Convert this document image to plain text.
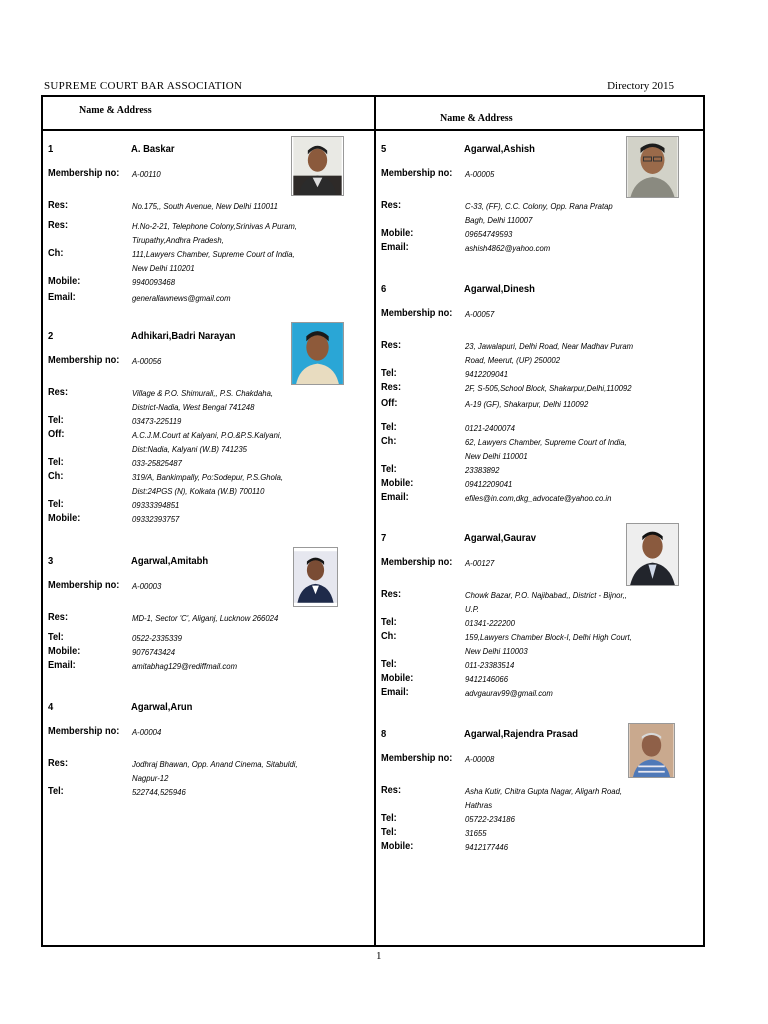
SUPREME COURT BAR ASSOCIATION	Directory 2015
Name & Address
Name & Address
1	A. Baskar
Membership no: A-00110
Res:	No.175,, South Avenue, New Delhi 110011
Res:	H.No-2-21, Telephone Colony,Srinivas A Puram,
Tirupathy,Andhra Pradesh,
Ch:	111,Lawyers Chamber, Supreme Court of India,
New Delhi 110201
Mobile:	9940093468
Email:	generallawnews@gmail.com
2	Adhikari,Badri Narayan
Membership no: A-00056
Res:	Village & P.O. Shimurali,, P.S. Chakdaha,
District-Nadia, West Bengal 741248
Tel:	03473-225119
Off:	A.C.J.M.Court at Kalyani, P.O.&P.S.Kalyani,
Dist:Nadia, Kalyani (W.B) 741235
Tel:	033-25825487
Ch:	319/A, Bankimpally, Po:Sodepur, P.S.Ghola,
Dist:24PGS (N), Kolkata (W.B) 700110
Tel:	09333394851
Mobile:	09332393757
3	Agarwal,Amitabh
Membership no: A-00003
Res:	MD-1, Sector 'C', Aliganj, Lucknow 266024
Tel:	0522-2335339
Mobile:	9076743424
Email:	amitabhag129@rediffmail.com
4	Agarwal,Arun
Membership no: A-00004
Res:	Jodhraj Bhawan, Opp. Anand Cinema, Sitabuldi,
Nagpur-12
Tel:	522744,525946
5	Agarwal,Ashish
Membership no: A-00005
Res:	C-33, (FF), C.C. Colony, Opp. Rana Pratap
Bagh, Delhi 110007
Mobile:	09654749593
Email:	ashish4862@yahoo.com
6	Agarwal,Dinesh
Membership no: A-00057
Res:	23, Jawalapuri, Delhi Road, Near Madhav Puram
Road, Meerut, (UP) 250002
Tel:	9412209041
Res:	2F, S-505,School Block, Shakarpur,Delhi,110092
Off:	A-19 (GF), Shakarpur, Delhi 110092
Tel:	0121-2400074
Ch:	62, Lawyers Chamber, Supreme Court of India,
New Delhi 110001
Tel:	23383892
Mobile:	09412209041
Email:	efiles@in.com,dkg_advocate@yahoo.co.in
7	Agarwal,Gaurav
Membership no: A-00127
Res:	Chowk Bazar, P.O. Najibabad,, District - Bijnor,,
U.P.
Tel:	01341-222200
Ch:	159,Lawyers Chamber Block-I, Delhi High Court,
New Delhi 110003
Tel:	011-23383514
Mobile:	9412146066
Email:	advgaurav99@gmail.com
8	Agarwal,Rajendra Prasad
Membership no: A-00008
Res:	Asha Kutir, Chitra Gupta Nagar, Aligarh Road,
Hathras
Tel:	05722-234186
Tel:	31655
Mobile:	9412177446
1
